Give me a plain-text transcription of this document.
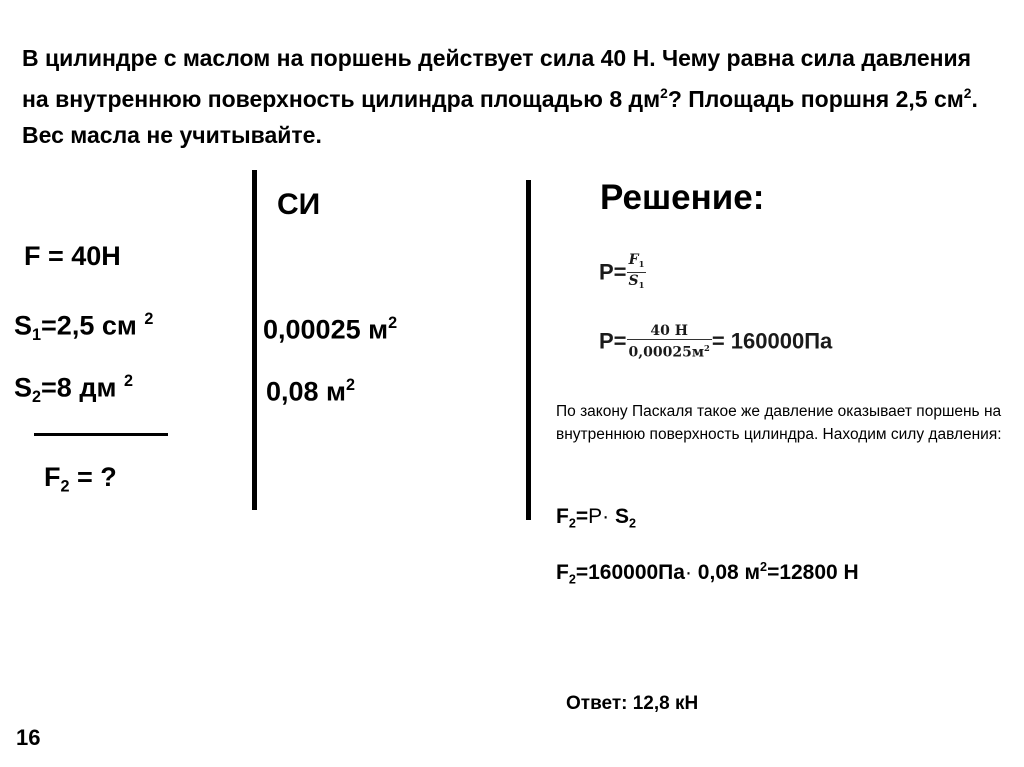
В цилиндре с маслом на поршень действует сила 40 Н. Чему равна сила давления на внутреннюю поверхность цилиндра площадью 8 $дм^2$? Площадь поршня 2,5 $см^2$. Вес масла не учитывайте.
F = 40Н
$S_1=2,5$ см $^2$
$S_2=8$ дм $^2$
$F_2$ = ?
СИ
0,00025 $м^2$
0,08 $м^2$
Решение:
$P= \frac{F_1}{S_1}$
$P= \frac{40 Н}{0,00025м^2} = 160000Па$
По закону Паскаля такое же давление оказывает поршень на внутреннюю поверхность цилиндра. Находим силу давления:
$F_2=P\cdot S_2$
$F_2=160000Па\cdot 0,08$ $м^2=12800$ Н
Ответ: 12,8 кН
16
